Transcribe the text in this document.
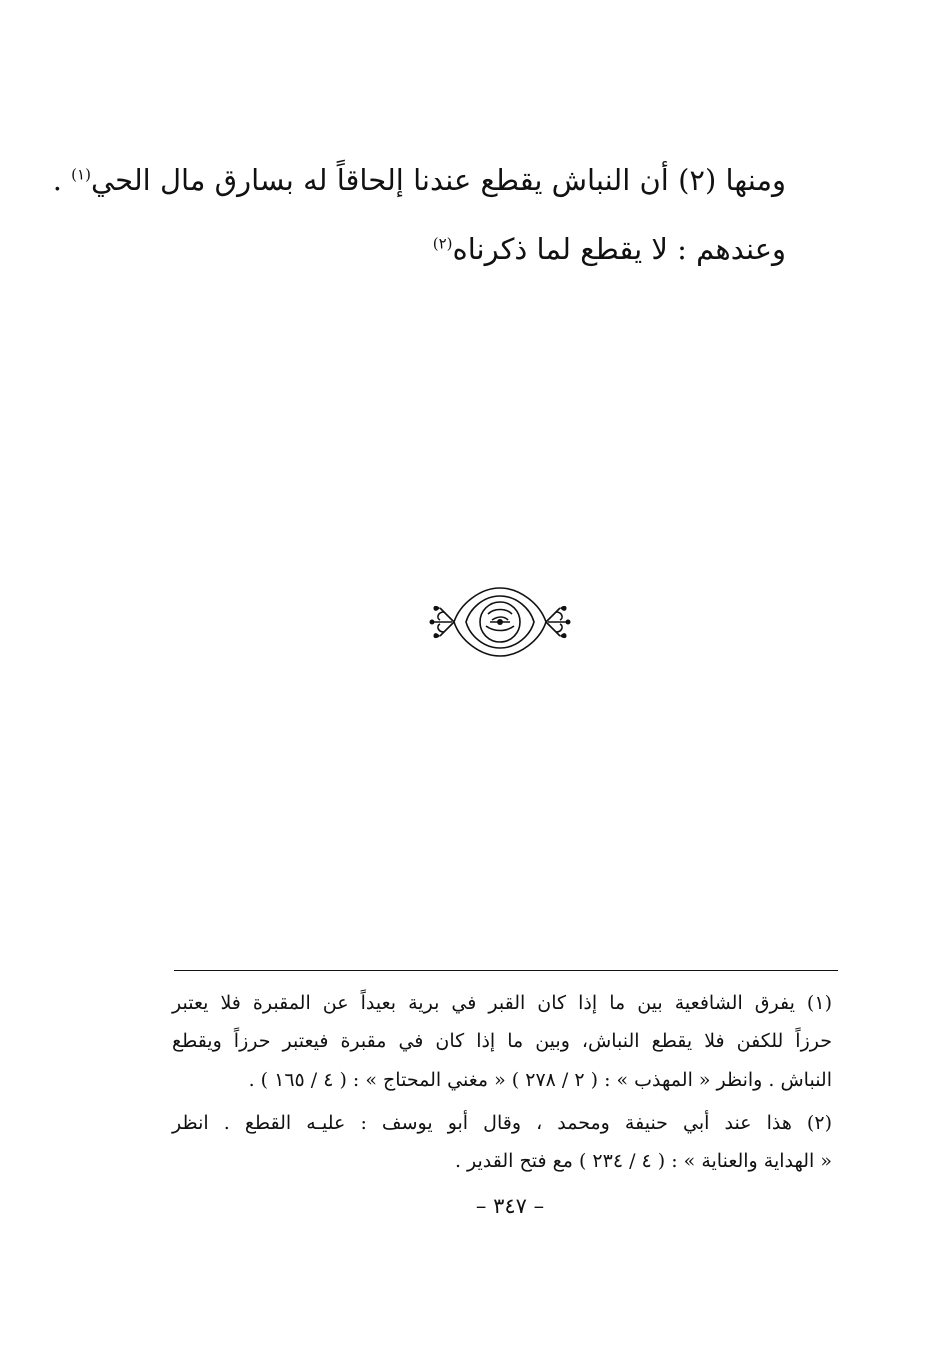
ومنها (٢) أن النباش يقطع عندنا إلحاقاً له بسارق مال الحي$^{(١)}$ .
وعندهم : لا يقطع لما ذكرناه$^{(٢)}$
(١) يفرق الشافعية بين ما إذا كان القبر في برية بعيداً عن المقبرة فلا يعتبر
حرزاً للكفن فلا يقطع النباش، وبين ما إذا كان في مقبرة فيعتبر حرزاً ويقطع
النباش . وانظر « المهذب » : ( ٢ / ٢٧٨ ) « مغني المحتاج » : ( ٤ / ١٦٥ ) .
(٢) هذا عند أبي حنيفة ومحمد ، وقال أبو يوسف : عليـه القطع . انظر
« الهداية والعناية » : ( ٤ / ٢٣٤ ) مع فتح القدير .
– ٣٤٧ –
